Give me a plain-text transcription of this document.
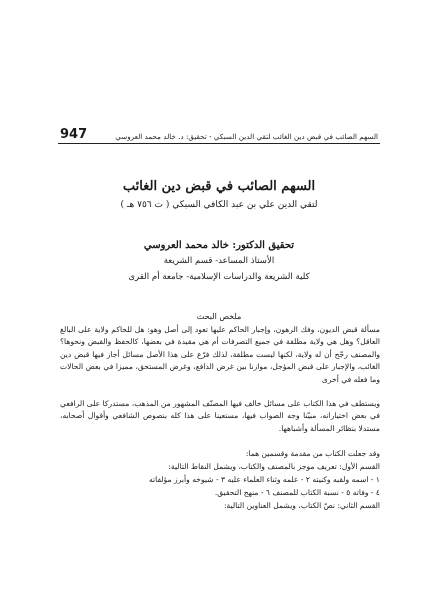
السهم الصائب في قبض دين الغائب لتقي الدين السبكي - تحقيق: د. خالد محمد العروسي
947

السهم الصائب في قبض دين الغائب

لتقي الدين علي بن عبد الكافي السبكي ( ت ٧٥٦ هـ )

تحقيق الدكتور: خالد محمد العروسي

الأستاذ المساعد- قسم الشريعة

كلية الشريعة والدراسات الإسلامية- جامعة أم القرى

ملخص البحث

مسألة قبض الديون، وفك الرهون، وإجبار الحاكم عليها تعود إلى أصل وهو: هل للحاكم ولاية على البالغ العاقل؟ وهل هي ولاية مطلقة في جميع التصرفات أم هي مقيدة في بعضها، كالحفظ والقبض ونحوها؟ والمصنف رجّح أن له ولاية، لكنها ليست مطلقة، لذلك فرّع على هذا الأصل مسائل أجاز فيها قبض دين الغائب، والإجبار على قبض المؤجل، موازنا بين غرض الدافع، وغرض المستحق، مميزا في بعض الحالات وما فعله في أخرى

ويستطف في هذا الكتاب على مسائل خالف فيها المصنّف المشهور من المذهب، مستدركا على الرافعي في بعض اختياراته، مبيّنا وجه الصواب فيها، مستعينا على هذا كله بنصوص الشافعي وأقوال أصحابه، مستدلا بنظائر المسألة وأشباهها.

وقد جعلت الكتاب من مقدمة وقسمين هما:

القسم الأول: تعريف موجز بالمصنف والكتاب، ويشمل النقاط التالية:

١ - اسمه ولقبه وكنيته ٢ - علمه وثناء العلماء عليه ٣ - شيوخه وأبرز مؤلفاته

٤ - وفاته ٥ - نسبة الكتاب للمصنف ٦ - منهج التحقيق.

القسم الثاني: نصّ الكتاب، ويشمل العناوين التالية:
